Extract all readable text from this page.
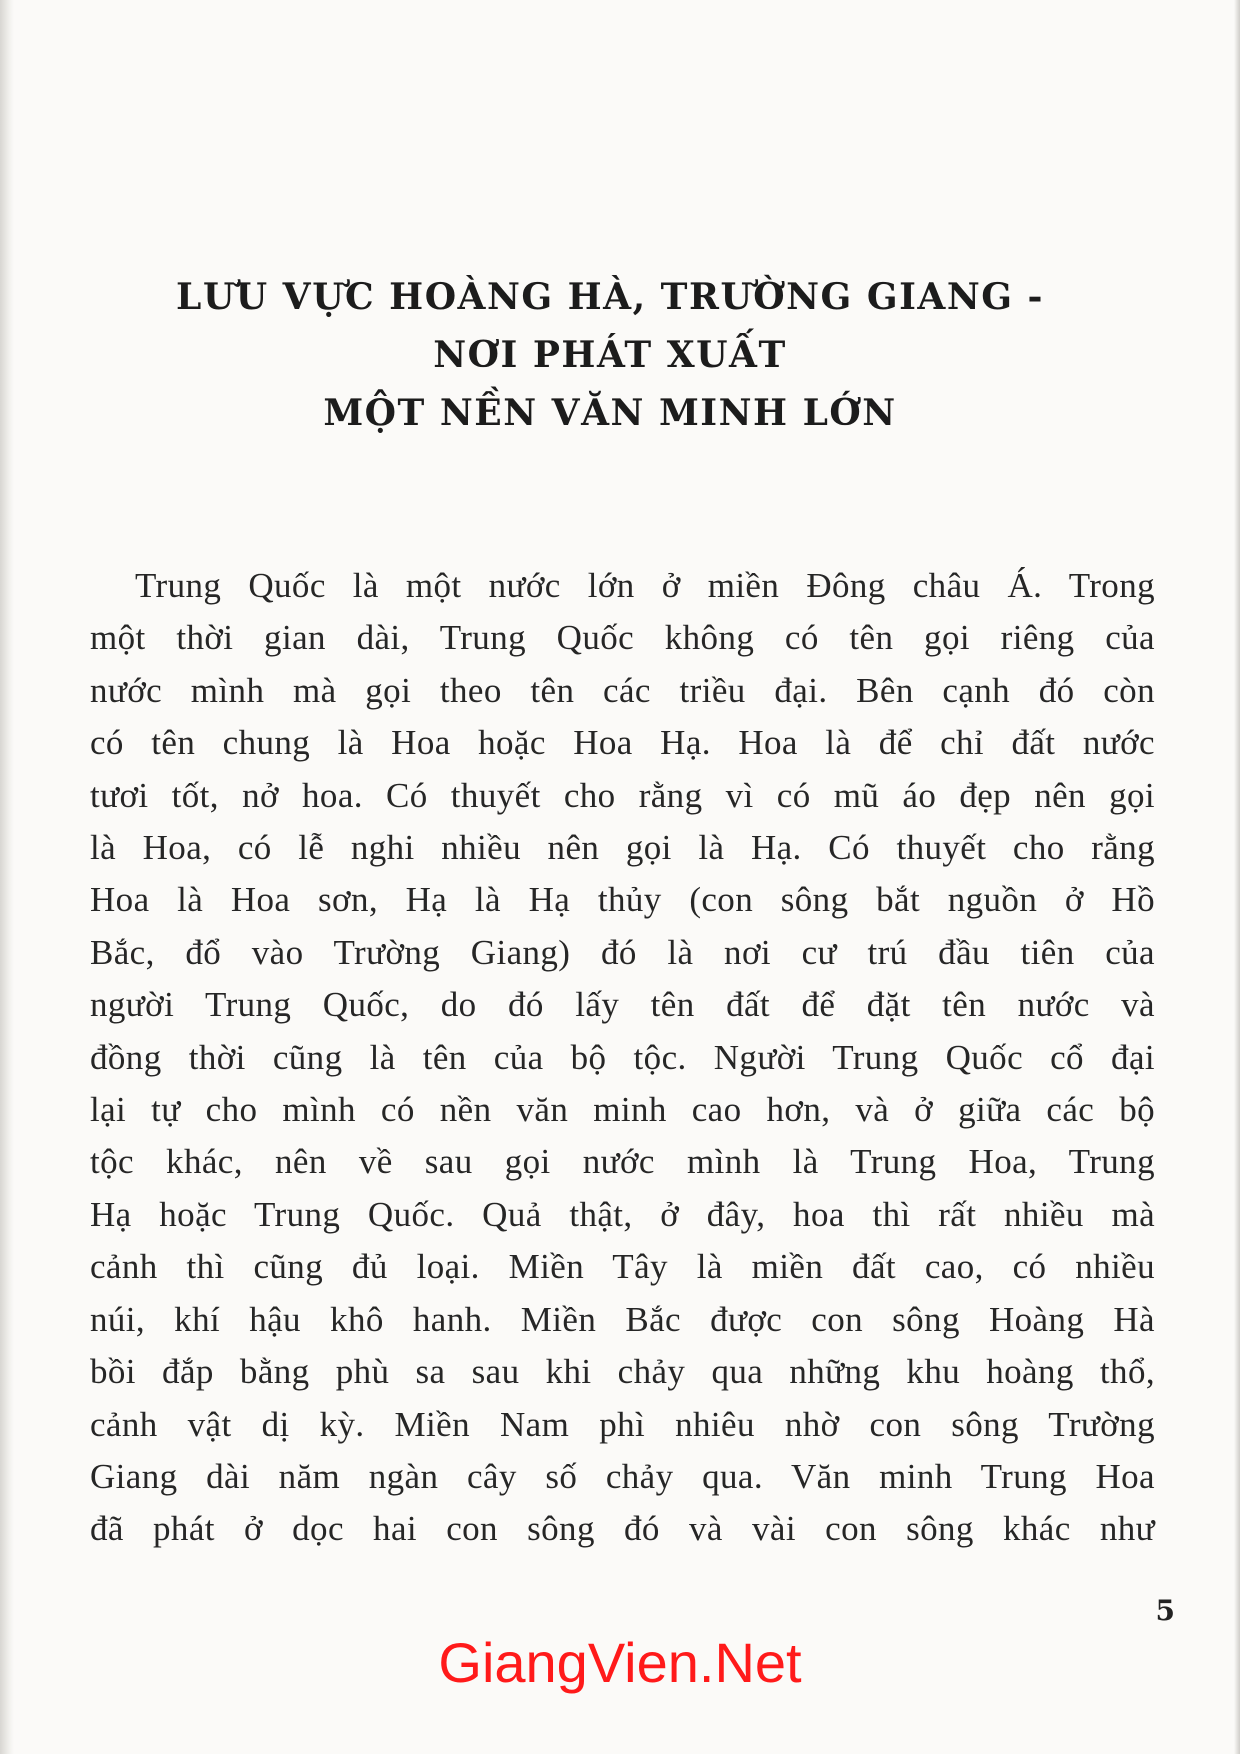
LƯU VỰC HOÀNG HÀ, TRƯỜNG GIANG -
NƠI PHÁT XUẤT
MỘT NỀN VĂN MINH LỚN
Trung Quốc là một nước lớn ở miền Đông châu Á. Trong
một thời gian dài, Trung Quốc không có tên gọi riêng của
nước mình mà gọi theo tên các triều đại. Bên cạnh đó còn
có tên chung là Hoa hoặc Hoa Hạ. Hoa là để chỉ đất nước
tươi tốt, nở hoa. Có thuyết cho rằng vì có mũ áo đẹp nên gọi
là Hoa, có lễ nghi nhiều nên gọi là Hạ. Có thuyết cho rằng
Hoa là Hoa sơn, Hạ là Hạ thủy (con sông bắt nguồn ở Hồ
Bắc, đổ vào Trường Giang) đó là nơi cư trú đầu tiên của
người Trung Quốc, do đó lấy tên đất để đặt tên nước và
đồng thời cũng là tên của bộ tộc. Người Trung Quốc cổ đại
lại tự cho mình có nền văn minh cao hơn, và ở giữa các bộ
tộc khác, nên về sau gọi nước mình là Trung Hoa, Trung
Hạ hoặc Trung Quốc. Quả thật, ở đây, hoa thì rất nhiều mà
cảnh thì cũng đủ loại. Miền Tây là miền đất cao, có nhiều
núi, khí hậu khô hanh. Miền Bắc được con sông Hoàng Hà
bồi đắp bằng phù sa sau khi chảy qua những khu hoàng thổ,
cảnh vật dị kỳ. Miền Nam phì nhiêu nhờ con sông Trường
Giang dài năm ngàn cây số chảy qua. Văn minh Trung Hoa
đã phát ở dọc hai con sông đó và vài con sông khác như
5
GiangVien.Net
